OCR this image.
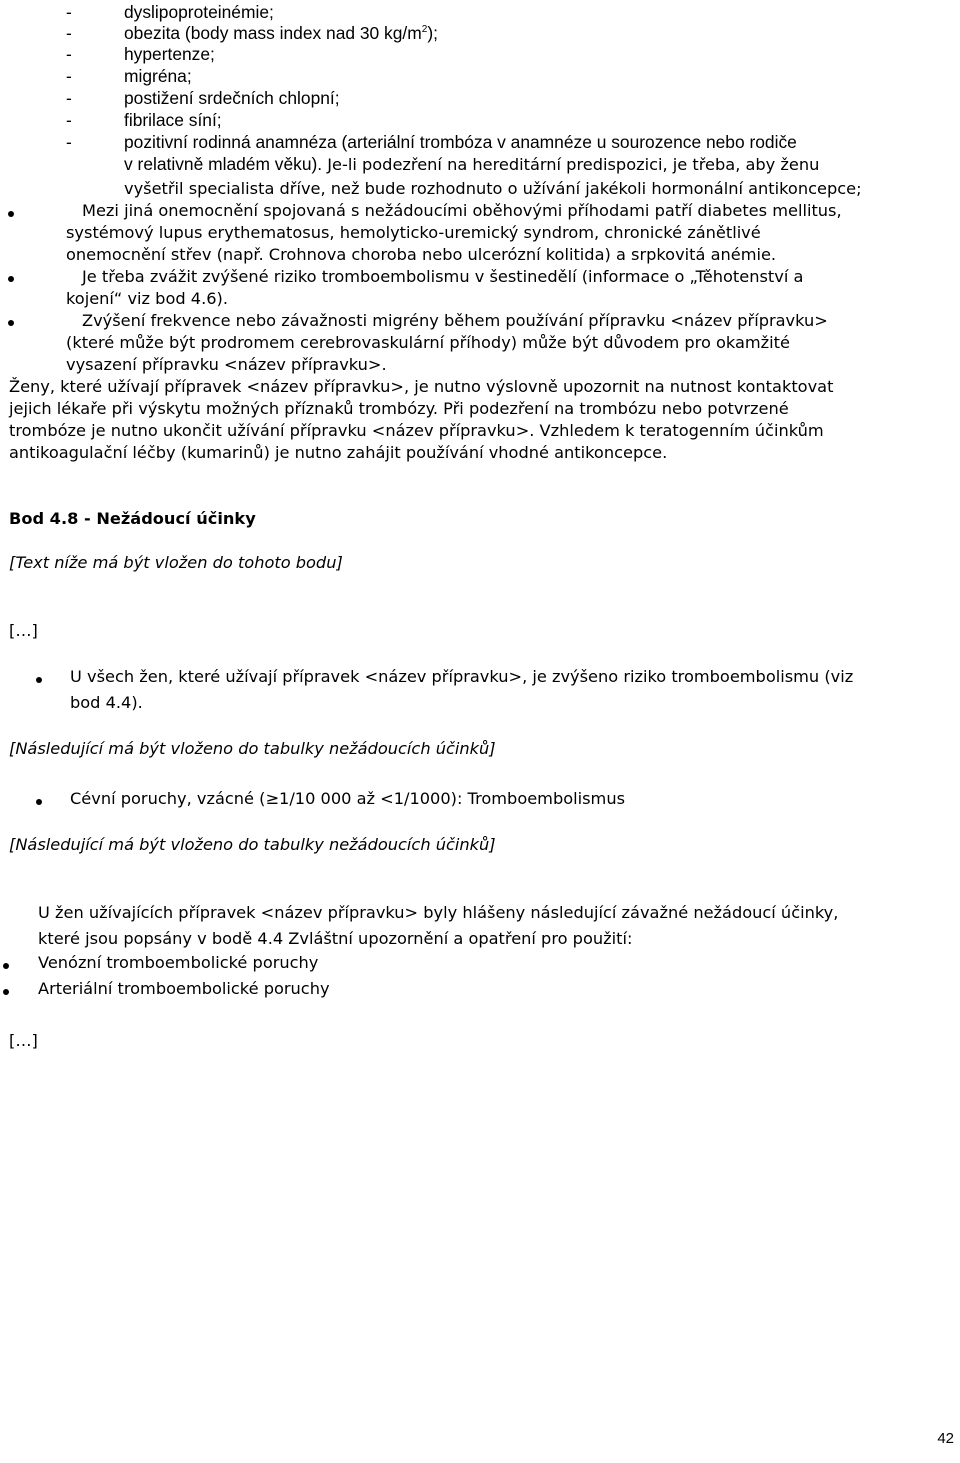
-	dyslipoproteinémie;
-	obezita (body mass index nad 30 $kg/m^2$);
-	hypertenze;
-	migréna;
-	postižení srdečních chlopní;
-	fibrilace síní;
-	pozitivní rodinná anamnéza (arteriální trombóza v anamnéze u sourozence nebo rodiče
v relativně mladém věku). Je-li podezření na hereditární predispozici, je třeba, aby ženu
vyšetřil specialista dříve, než bude rozhodnuto o užívání jakékoli hormonální antikoncepce;
Mezi jiná onemocnění spojovaná s nežádoucími oběhovými příhodami patří diabetes mellitus,
systémový lupus erythematosus, hemolyticko-uremický syndrom, chronické zánětlivé
onemocnění střev (např. Crohnova choroba nebo ulcerózní kolitida) a srpkovitá anémie.
Je třeba zvážit zvýšené riziko tromboembolismu v šestinedělí (informace o „Těhotenství a
kojení“ viz bod 4.6).
Zvýšení frekvence nebo závažnosti migrény během používání přípravku <název přípravku>
(které může být prodromem cerebrovaskulární příhody) může být důvodem pro okamžité
vysazení přípravku <název přípravku>.
Ženy, které užívají přípravek <název přípravku>, je nutno výslovně upozornit na nutnost kontaktovat
jejich lékaře při výskytu možných příznaků trombózy. Při podezření na trombózu nebo potvrzené
trombóze je nutno ukončit užívání přípravku <název přípravku>. Vzhledem k teratogenním účinkům
antikoagulační léčby (kumarinů) je nutno zahájit používání vhodné antikoncepce.
Bod 4.8 - Nežádoucí účinky
[Text níže má být vložen do tohoto bodu]
[…]
U všech žen, které užívají přípravek <název přípravku>, je zvýšeno riziko tromboembolismu (viz
bod 4.4).
[Následující má být vloženo do tabulky nežádoucích účinků]
Cévní poruchy, vzácné (≥1/10 000 až <1/1000): Tromboembolismus
[Následující má být vloženo do tabulky nežádoucích účinků]
U žen užívajících přípravek <název přípravku> byly hlášeny následující závažné nežádoucí účinky,
které jsou popsány v bodě 4.4 Zvláštní upozornění a opatření pro použití:
Venózní tromboembolické poruchy
Arteriální tromboembolické poruchy
[…]
42
